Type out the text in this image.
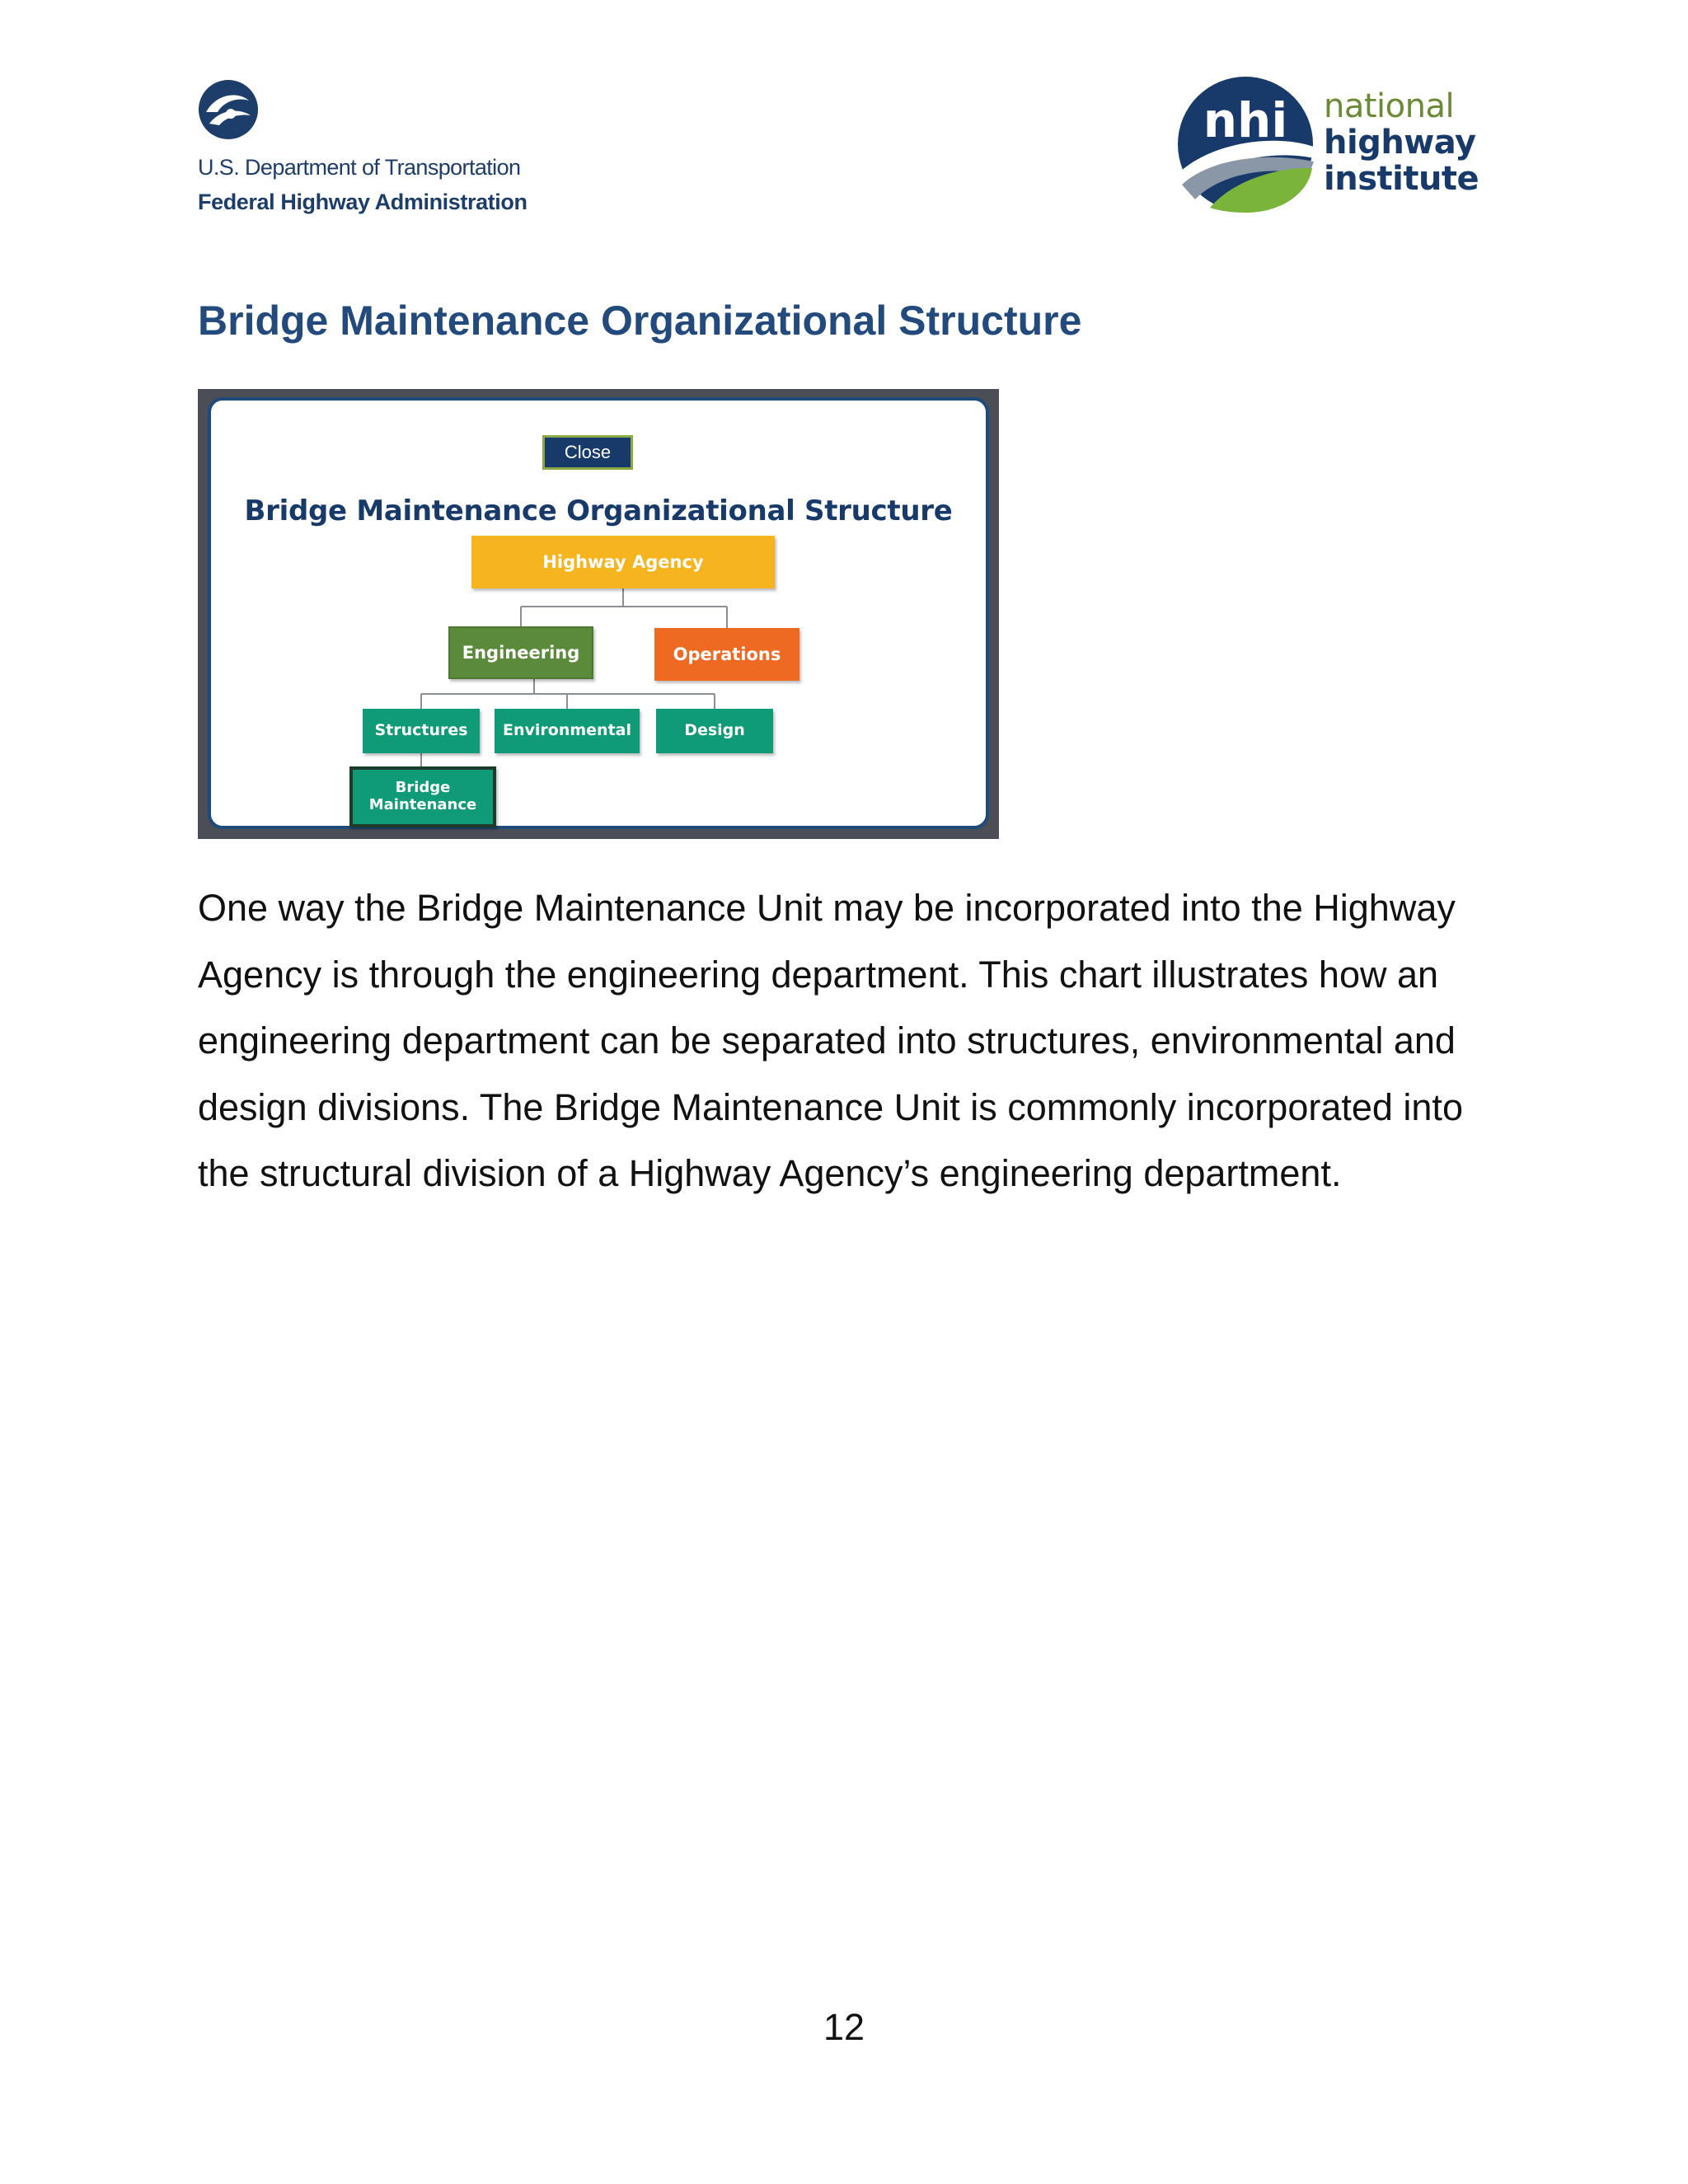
U.S. Department of Transportation
Federal Highway Administration
nhi national
highway
institute
Bridge Maintenance Organizational Structure
Close
Bridge Maintenance Organizational Structure
Highway Agency
Engineering	Operations
Structures	Environmental	Design
Bridge Maintenance

One way the Bridge Maintenance Unit may be incorporated into the Highway Agency is through the engineering department. This chart illustrates how an engineering department can be separated into structures, environmental and design divisions. The Bridge Maintenance Unit is commonly incorporated into the structural division of a Highway Agency’s engineering department.

12
